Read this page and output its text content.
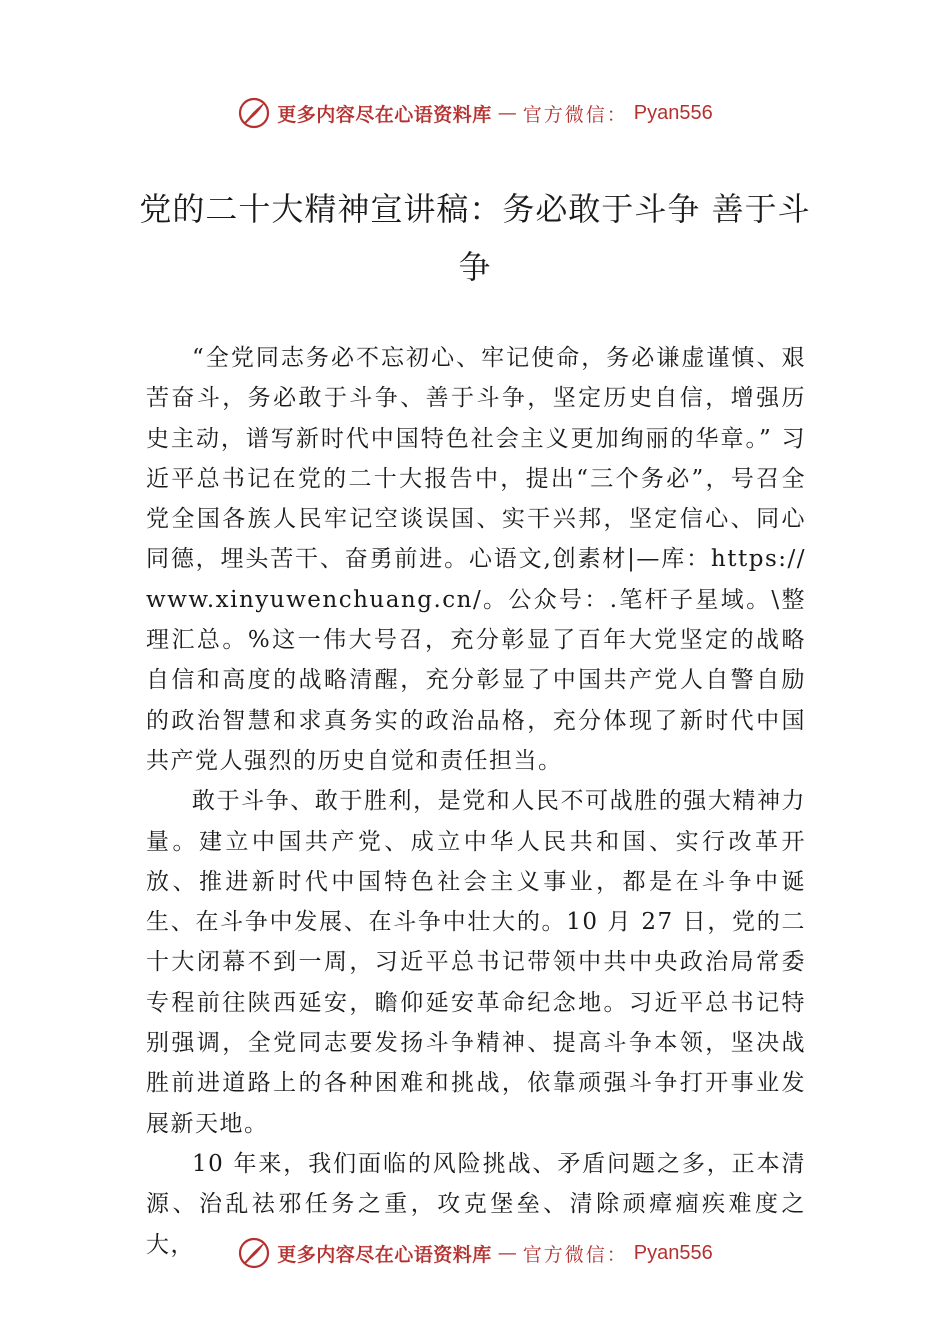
更多内容尽在心语资料库 — 官方微信： Pyan556
党的二十大精神宣讲稿：务必敢于斗争 善于斗争

“全党同志务必不忘初心、牢记使命，务必谦虚谨慎、艰苦奋斗，务必敢于斗争、善于斗争，坚定历史自信，增强历史主动，谱写新时代中国特色社会主义更加绚丽的华章。” 习近平总书记在党的二十大报告中，提出“三个务必”，号召全党全国各族人民牢记空谈误国、实干兴邦，坚定信心、同心同德，埋头苦干、奋勇前进。心语文,创素材|—库：https://www.xinyuwenchuang.cn/。公众号：.笔杆子星域。\整理汇总。%这一伟大号召，充分彰显了百年大党坚定的战略自信和高度的战略清醒，充分彰显了中国共产党人自警自励的政治智慧和求真务实的政治品格，充分体现了新时代中国共产党人强烈的历史自觉和责任担当。

敢于斗争、敢于胜利，是党和人民不可战胜的强大精神力量。建立中国共产党、成立中华人民共和国、实行改革开放、推进新时代中国特色社会主义事业，都是在斗争中诞生、在斗争中发展、在斗争中壮大的。10 月 27 日，党的二十大闭幕不到一周，习近平总书记带领中共中央政治局常委专程前往陕西延安，瞻仰延安革命纪念地。习近平总书记特别强调，全党同志要发扬斗争精神、提高斗争本领，坚决战胜前进道路上的各种困难和挑战，依靠顽强斗争打开事业发展新天地。

10 年来，我们面临的风险挑战、矛盾问题之多，正本清源、治乱祛邪任务之重，攻克堡垒、清除顽瘴痼疾难度之大，	更多内容尽在心语资料库 — 官方微信： Pyan556
